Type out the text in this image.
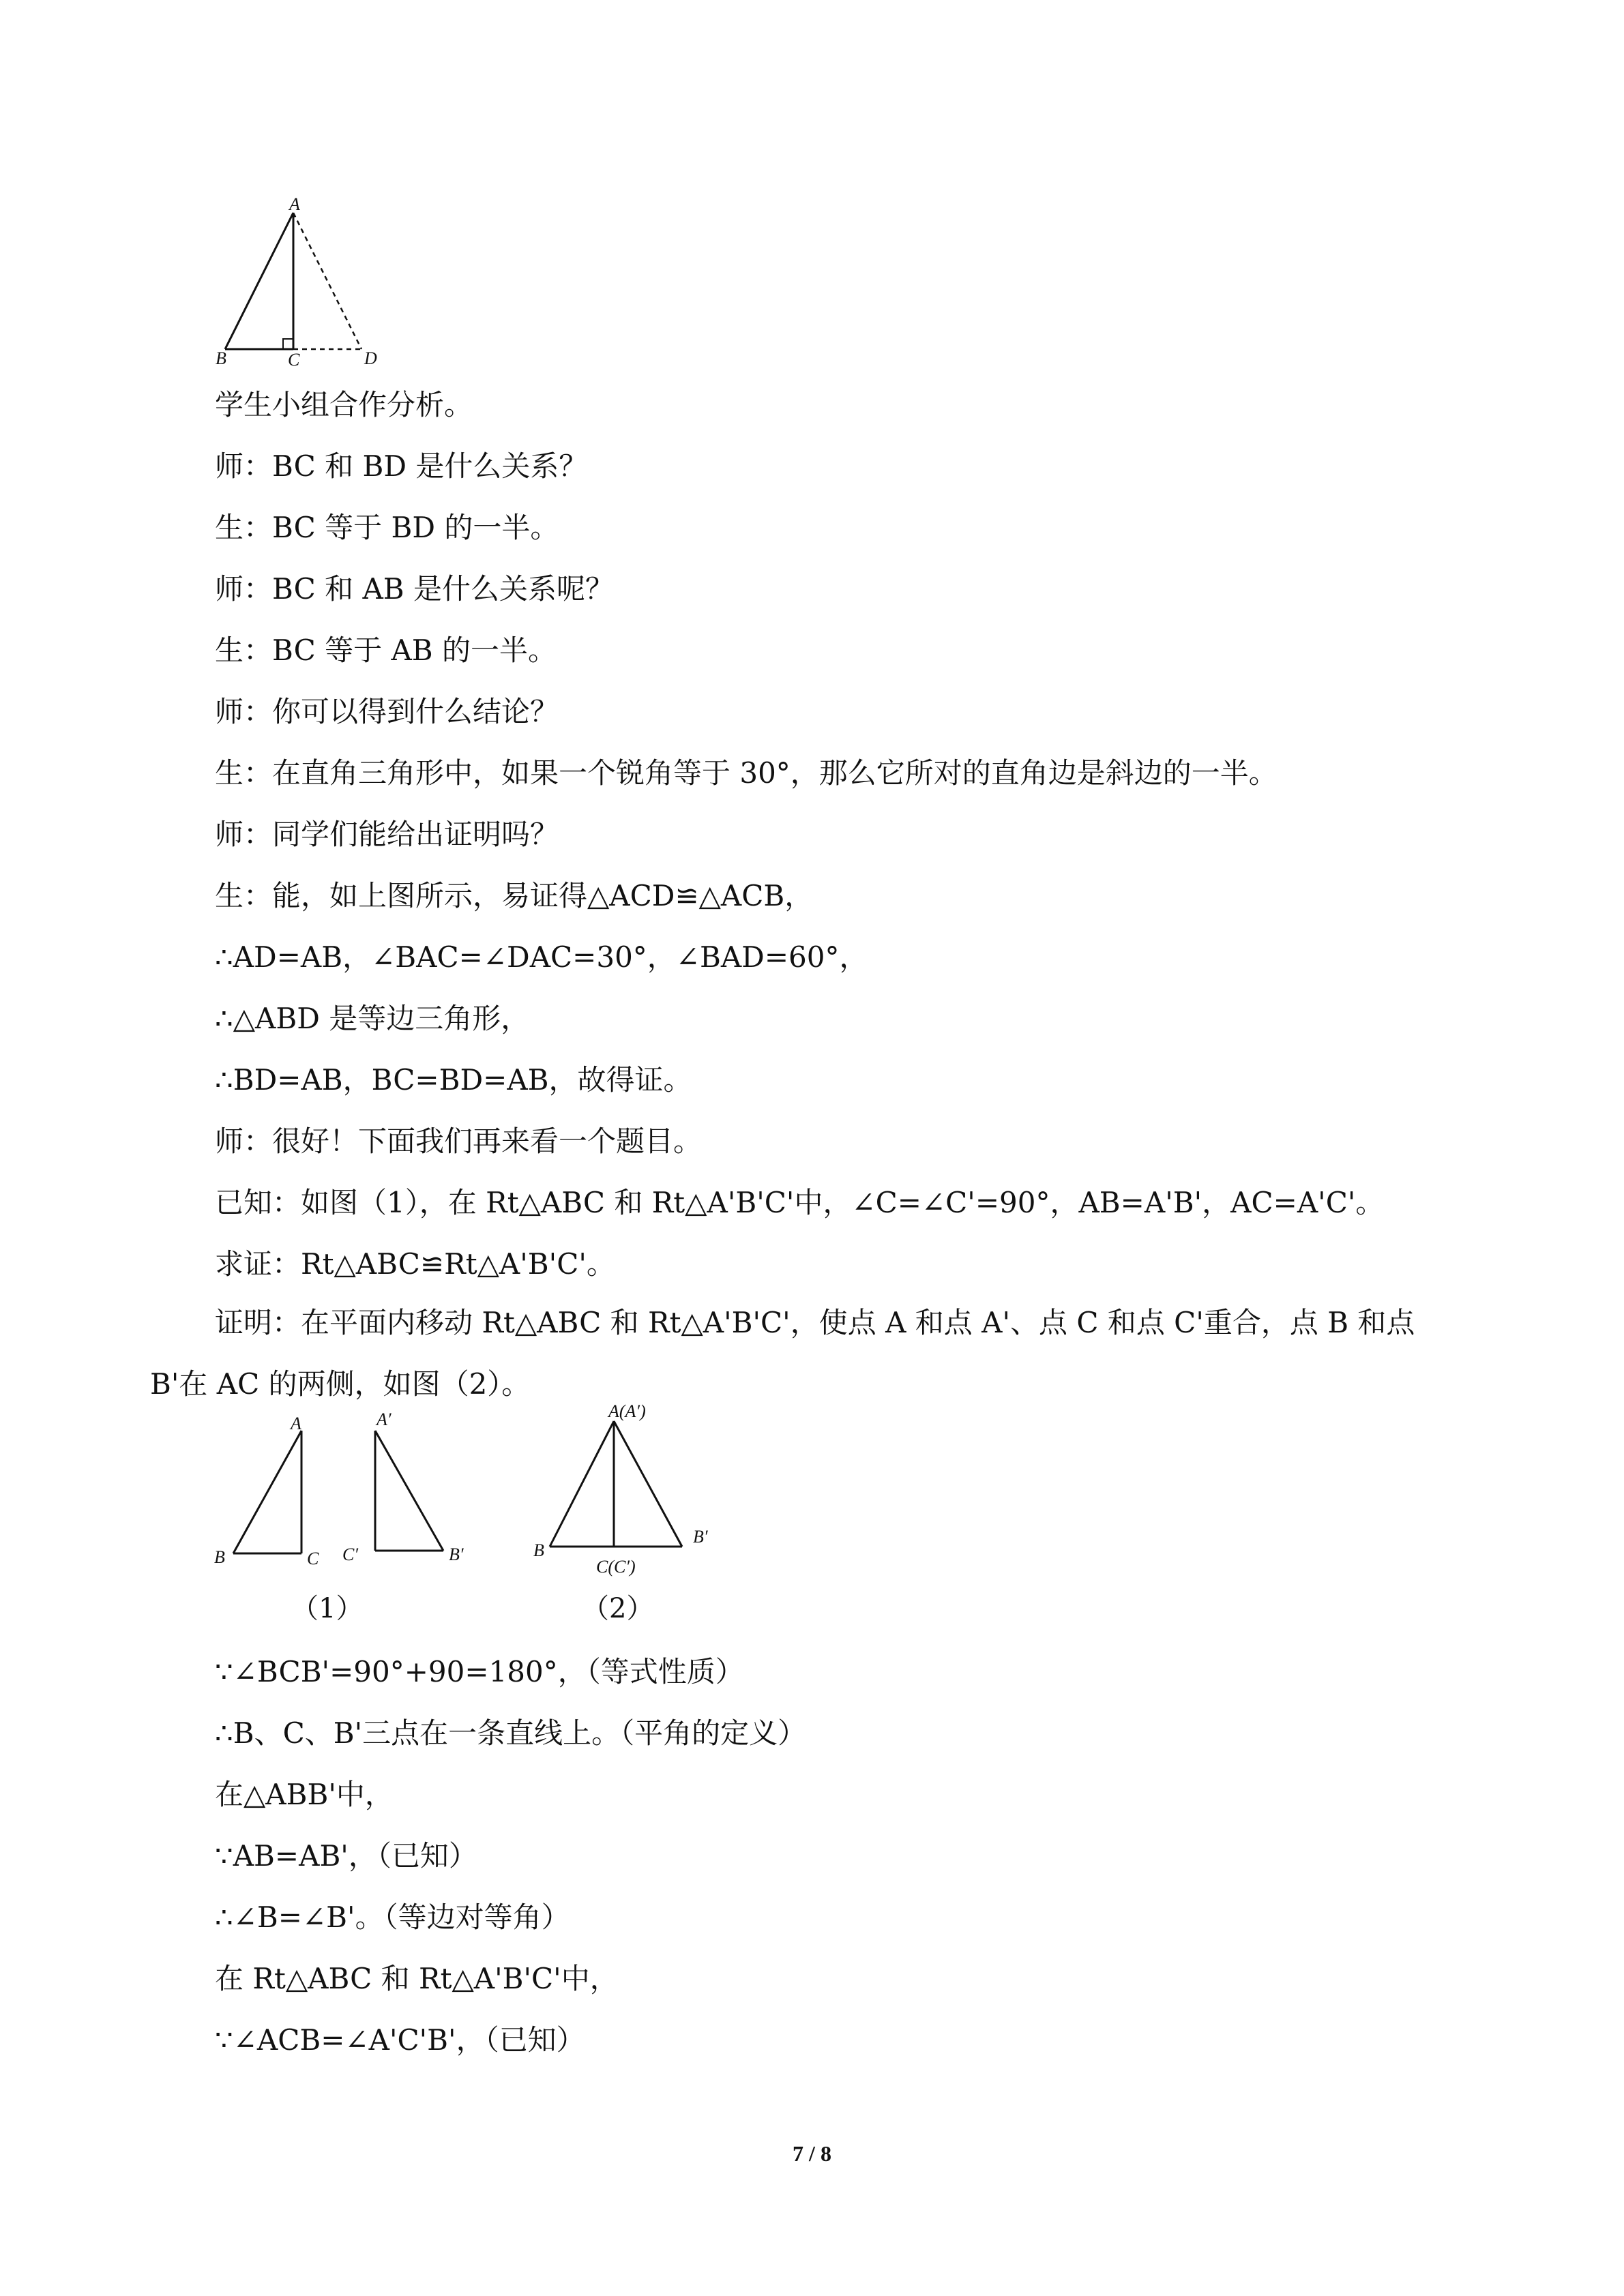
A
B	C	D
学生小组合作分析。
师：BC 和 BD 是什么关系？
生：BC 等于 BD 的一半。
师：BC 和 AB 是什么关系呢？
生：BC 等于 AB 的一半。
师：你可以得到什么结论？
生：在直角三角形中，如果一个锐角等于 30°，那么它所对的直角边是斜边的一半。
师：同学们能给出证明吗？
生：能，如上图所示，易证得△ACD≌△ACB，
∴AD=AB，∠BAC=∠DAC=30°，∠BAD=60°，
∴△ABD 是等边三角形，
∴BD=AB，BC=BD=AB，故得证。
师：很好！下面我们再来看一个题目。
已知：如图（1），在 Rt△ABC 和 Rt△A'B'C'中，∠C=∠C'=90°，AB=A'B'，AC=A'C'。
求证：Rt△ABC≌Rt△A'B'C'。
证明：在平面内移动 Rt△ABC 和 Rt△A'B'C'，使点 A 和点 A'、点 C 和点 C'重合，点 B 和点 B'在 AC 的两侧，如图（2）。
A
B	C
A′
C′	B′
A(A′)
B
B′
C(C′)
（1）	（2）
∵∠BCB'=90°+90=180°，（等式性质）
∴B、C、B'三点在一条直线上。（平角的定义）
在△ABB'中，
∵AB=AB'，（已知）
∴∠B=∠B'。（等边对等角）
在 Rt△ABC 和 Rt△A'B'C'中，
∵∠ACB=∠A'C'B'，（已知）
7 / 8
